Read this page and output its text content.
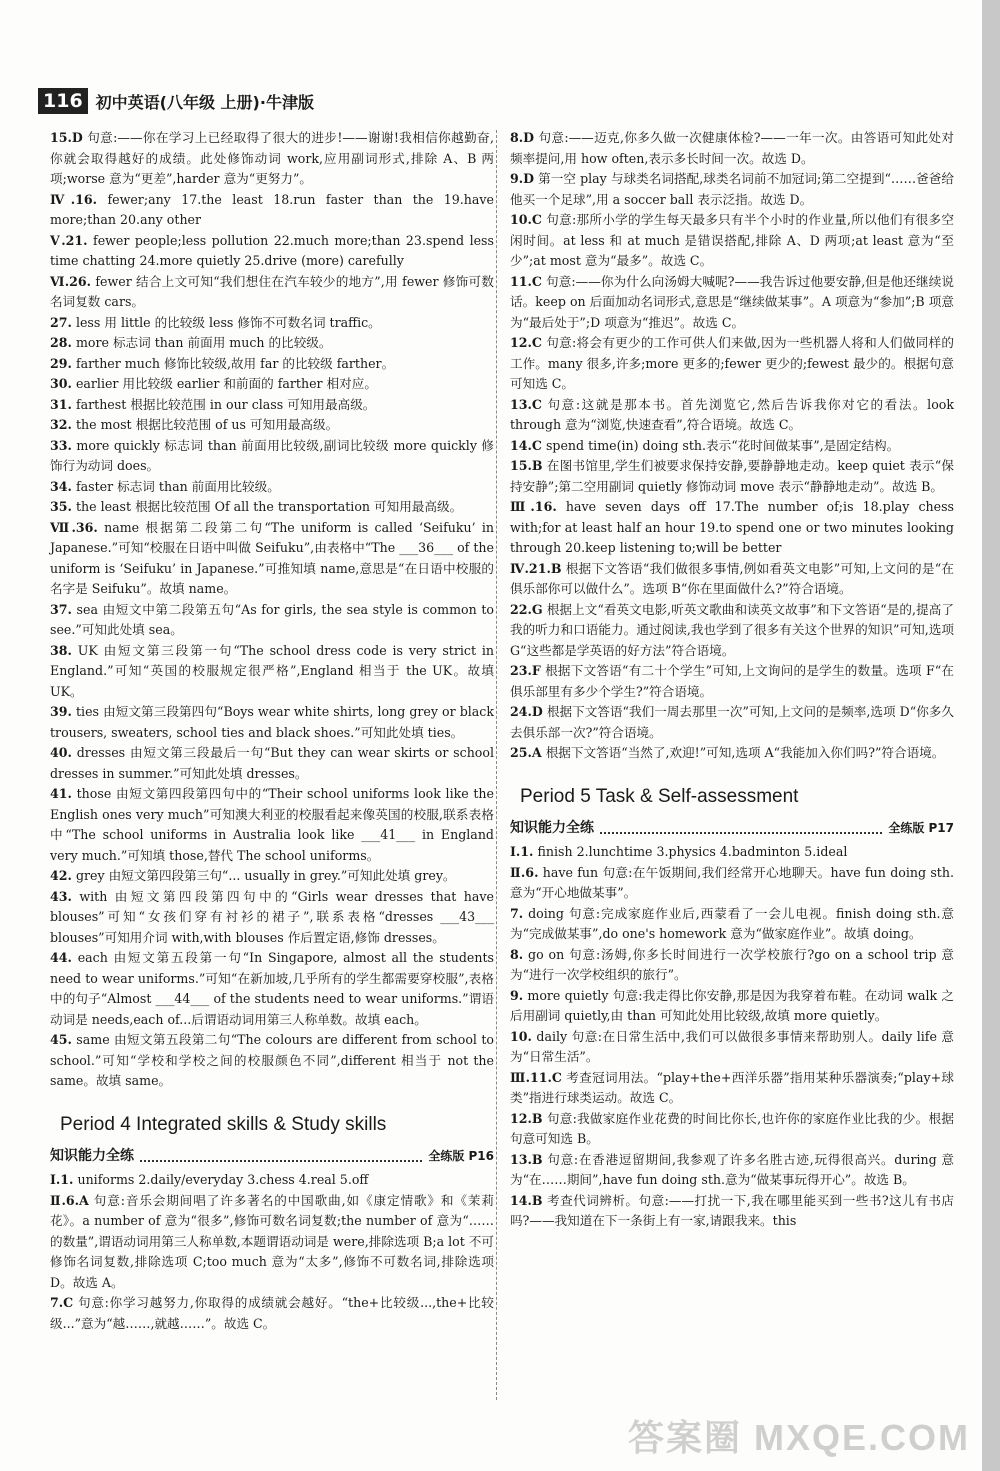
116 初中英语(八年级 上册)·牛津版

15.D 句意:——你在学习上已经取得了很大的进步!——谢谢!我相信你越勤奋,你就会取得越好的成绩。此处修饰动词 work,应用副词形式,排除 A、B 两项;worse 意为“更差”,harder 意为“更努力”。

Ⅳ.16. fewer;any 17.the least 18.run faster than the 19.have more;than 20.any other

Ⅴ.21. fewer people;less pollution 22.much more;than 23.spend less time chatting 24.more quietly 25.drive (more) carefully

Ⅵ.26. fewer 结合上文可知“我们想住在汽车较少的地方”,用 fewer 修饰可数名词复数 cars。

27. less 用 little 的比较级 less 修饰不可数名词 traffic。

28. more 标志词 than 前面用 much 的比较级。

29. farther much 修饰比较级,故用 far 的比较级 farther。

30. earlier 用比较级 earlier 和前面的 farther 相对应。

31. farthest 根据比较范围 in our class 可知用最高级。

32. the most 根据比较范围 of us 可知用最高级。

33. more quickly 标志词 than 前面用比较级,副词比较级 more quickly 修饰行为动词 does。

34. faster 标志词 than 前面用比较级。

35. the least 根据比较范围 Of all the transportation 可知用最高级。

Ⅶ.36. name 根据第二段第二句“The uniform is called ‘Seifuku’ in Japanese.”可知“校服在日语中叫做 Seifuku”,由表格中“The ___36___ of the uniform is ‘Seifuku’ in Japanese.”可推知填 name,意思是“在日语中校服的名字是 Seifuku”。故填 name。

37. sea 由短文中第二段第五句“As for girls, the sea style is common to see.”可知此处填 sea。

38. UK 由短文第三段第一句“The school dress code is very strict in England.”可知“英国的校服规定很严格”,England 相当于 the UK。故填 UK。

39. ties 由短文第三段第四句“Boys wear white shirts, long grey or black trousers, sweaters, school ties and black shoes.”可知此处填 ties。

40. dresses 由短文第三段最后一句“But they can wear skirts or school dresses in summer.”可知此处填 dresses。

41. those 由短文第四段第四句中的“Their school uniforms look like the English ones very much”可知澳大利亚的校服看起来像英国的校服,联系表格中“The school uniforms in Australia look like ___41___ in England very much.”可知填 those,替代 The school uniforms。

42. grey 由短文第四段第三句“... usually in grey.”可知此处填 grey。

43. with 由短文第四段第四句中的“Girls wear dresses that have blouses”可知“女孩们穿有衬衫的裙子”,联系表格“dresses ___43___ blouses”可知用介词 with,with blouses 作后置定语,修饰 dresses。

44. each 由短文第五段第一句“In Singapore, almost all the students need to wear uniforms.”可知“在新加坡,几乎所有的学生都需要穿校服”,表格中的句子“Almost ___44___ of the students need to wear uniforms.”谓语动词是 needs,each of...后谓语动词用第三人称单数。故填 each。

45. same 由短文第五段第二句“The colours are different from school to school.”可知“学校和学校之间的校服颜色不同”,different 相当于 not the same。故填 same。

Period 4 Integrated skills & Study skills
知识能力全练	全练版 P16

Ⅰ.1. uniforms 2.daily/everyday 3.chess 4.real 5.off

Ⅱ.6.A 句意:音乐会期间唱了许多著名的中国歌曲,如《康定情歌》和《茉莉花》。a number of 意为“很多”,修饰可数名词复数;the number of 意为“……的数量”,谓语动词用第三人称单数,本题谓语动词是 were,排除选项 B;a lot 不可修饰名词复数,排除选项 C;too much 意为“太多”,修饰不可数名词,排除选项 D。故选 A。

7.C 句意:你学习越努力,你取得的成绩就会越好。“the+比较级...,the+比较级...”意为“越……,就越……”。故选 C。

8.D 句意:——迈克,你多久做一次健康体检?——一年一次。由答语可知此处对频率提问,用 how often,表示多长时间一次。故选 D。

9.D 第一空 play 与球类名词搭配,球类名词前不加冠词;第二空提到“……爸爸给他买一个足球”,用 a soccer ball 表示泛指。故选 D。

10.C 句意:那所小学的学生每天最多只有半个小时的作业量,所以他们有很多空闲时间。at less 和 at much 是错误搭配,排除 A、D 两项;at least 意为“至少”;at most 意为“最多”。故选 C。

11.C 句意:——你为什么向汤姆大喊呢?——我告诉过他要安静,但是他还继续说话。keep on 后面加动名词形式,意思是“继续做某事”。A 项意为“参加”;B 项意为“最后处于”;D 项意为“推迟”。故选 C。

12.C 句意:将会有更少的工作可供人们来做,因为一些机器人将和人们做同样的工作。many 很多,许多;more 更多的;fewer 更少的;fewest 最少的。根据句意可知选 C。

13.C 句意:这就是那本书。首先浏览它,然后告诉我你对它的看法。look through 意为“浏览,快速查看”,符合语境。故选 C。

14.C spend time(in) doing sth.表示“花时间做某事”,是固定结构。

15.B 在图书馆里,学生们被要求保持安静,要静静地走动。keep quiet 表示“保持安静”;第二空用副词 quietly 修饰动词 move 表示“静静地走动”。故选 B。

Ⅲ.16. have seven days off 17.The number of;is 18.play chess with;for at least half an hour 19.to spend one or two minutes looking through 20.keep listening to;will be better

Ⅳ.21.B 根据下文答语“我们做很多事情,例如看英文电影”可知,上文问的是“在俱乐部你可以做什么”。选项 B“你在里面做什么?”符合语境。

22.G 根据上文“看英文电影,听英文歌曲和读英文故事”和下文答语“是的,提高了我的听力和口语能力。通过阅读,我也学到了很多有关这个世界的知识”可知,选项 G“这些都是学英语的好方法”符合语境。

23.F 根据下文答语“有二十个学生”可知,上文询问的是学生的数量。选项 F“在俱乐部里有多少个学生?”符合语境。

24.D 根据下文答语“我们一周去那里一次”可知,上文问的是频率,选项 D“你多久去俱乐部一次?”符合语境。

25.A 根据下文答语“当然了,欢迎!”可知,选项 A“我能加入你们吗?”符合语境。

Period 5 Task & Self-assessment
知识能力全练	全练版 P17

Ⅰ.1. finish 2.lunchtime 3.physics 4.badminton 5.ideal

Ⅱ.6. have fun 句意:在午饭期间,我们经常开心地聊天。have fun doing sth.意为“开心地做某事”。

7. doing 句意:完成家庭作业后,西蒙看了一会儿电视。finish doing sth.意为“完成做某事”,do one's homework 意为“做家庭作业”。故填 doing。

8. go on 句意:汤姆,你多长时间进行一次学校旅行?go on a school trip 意为“进行一次学校组织的旅行”。

9. more quietly 句意:我走得比你安静,那是因为我穿着布鞋。在动词 walk 之后用副词 quietly,由 than 可知此处用比较级,故填 more quietly。

10. daily 句意:在日常生活中,我们可以做很多事情来帮助别人。daily life 意为“日常生活”。

Ⅲ.11.C 考查冠词用法。“play+the+西洋乐器”指用某种乐器演奏;“play+球类”指进行球类运动。故选 C。

12.B 句意:我做家庭作业花费的时间比你长,也许你的家庭作业比我的少。根据句意可知选 B。

13.B 句意:在香港逗留期间,我参观了许多名胜古迹,玩得很高兴。during 意为“在……期间”,have fun doing sth.意为“做某事玩得开心”。故选 B。

14.B 考查代词辨析。句意:——打扰一下,我在哪里能买到一些书?这儿有书店吗?——我知道在下一条街上有一家,请跟我来。this

答案圈 MXQE.COM
